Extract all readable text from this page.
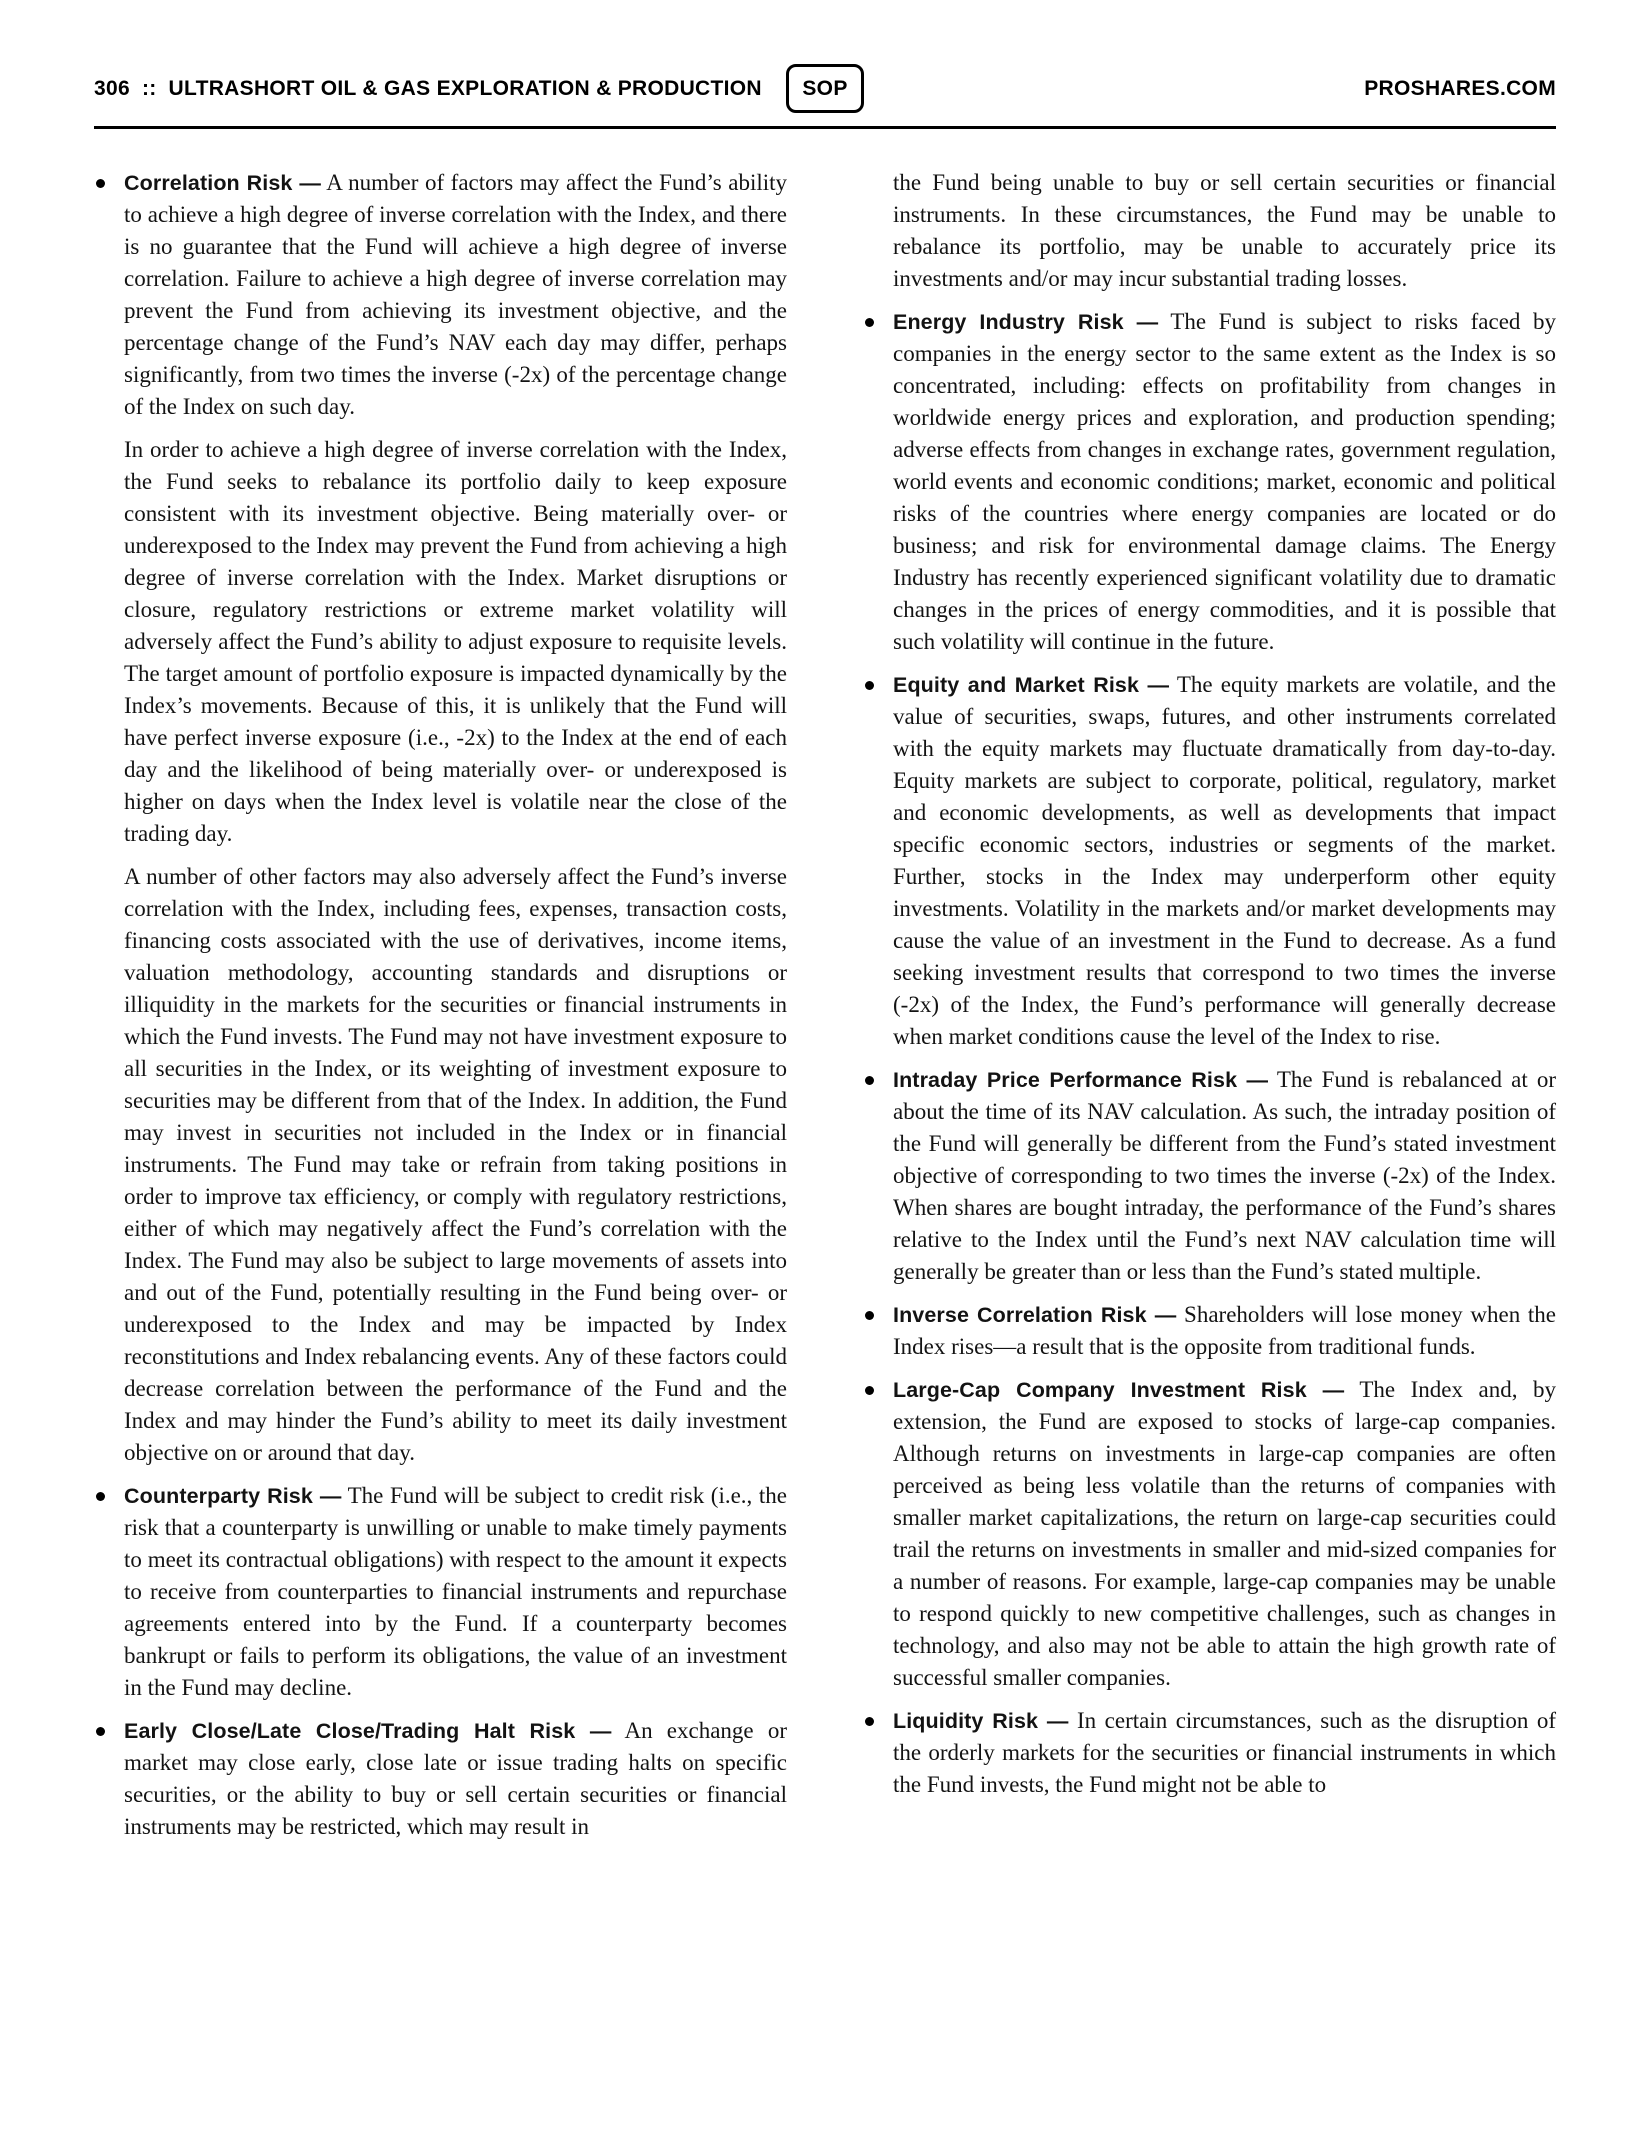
306 :: ULTRASHORT OIL & GAS EXPLORATION & PRODUCTION	SOP	PROSHARES.COM
Correlation Risk — A number of factors may affect the Fund’s ability to achieve a high degree of inverse correlation with the Index, and there is no guarantee that the Fund will achieve a high degree of inverse correlation. Failure to achieve a high degree of inverse correlation may prevent the Fund from achieving its investment objective, and the percentage change of the Fund’s NAV each day may differ, perhaps significantly, from two times the inverse (-2x) of the percentage change of the Index on such day.
In order to achieve a high degree of inverse correlation with the Index, the Fund seeks to rebalance its portfolio daily to keep exposure consistent with its investment objective. Being materially over- or underexposed to the Index may prevent the Fund from achieving a high degree of inverse correlation with the Index. Market disruptions or closure, regulatory restrictions or extreme market volatility will adversely affect the Fund’s ability to adjust exposure to requisite levels. The target amount of portfolio exposure is impacted dynamically by the Index’s movements. Because of this, it is unlikely that the Fund will have perfect inverse exposure (i.e., -2x) to the Index at the end of each day and the likelihood of being materially over- or underexposed is higher on days when the Index level is volatile near the close of the trading day.
A number of other factors may also adversely affect the Fund’s inverse correlation with the Index, including fees, expenses, transaction costs, financing costs associated with the use of derivatives, income items, valuation methodology, accounting standards and disruptions or illiquidity in the markets for the securities or financial instruments in which the Fund invests. The Fund may not have investment exposure to all securities in the Index, or its weighting of investment exposure to securities may be different from that of the Index. In addition, the Fund may invest in securities not included in the Index or in financial instruments. The Fund may take or refrain from taking positions in order to improve tax efficiency, or comply with regulatory restrictions, either of which may negatively affect the Fund’s correlation with the Index. The Fund may also be subject to large movements of assets into and out of the Fund, potentially resulting in the Fund being over- or underexposed to the Index and may be impacted by Index reconstitutions and Index rebalancing events. Any of these factors could decrease correlation between the performance of the Fund and the Index and may hinder the Fund’s ability to meet its daily investment objective on or around that day.
Counterparty Risk — The Fund will be subject to credit risk (i.e., the risk that a counterparty is unwilling or unable to make timely payments to meet its contractual obligations) with respect to the amount it expects to receive from counterparties to financial instruments and repurchase agreements entered into by the Fund. If a counterparty becomes bankrupt or fails to perform its obligations, the value of an investment in the Fund may decline.
Early Close/Late Close/Trading Halt Risk — An exchange or market may close early, close late or issue trading halts on specific securities, or the ability to buy or sell certain securities or financial instruments may be restricted, which may result in
the Fund being unable to buy or sell certain securities or financial instruments. In these circumstances, the Fund may be unable to rebalance its portfolio, may be unable to accurately price its investments and/or may incur substantial trading losses.
Energy Industry Risk — The Fund is subject to risks faced by companies in the energy sector to the same extent as the Index is so concentrated, including: effects on profitability from changes in worldwide energy prices and exploration, and production spending; adverse effects from changes in exchange rates, government regulation, world events and economic conditions; market, economic and political risks of the countries where energy companies are located or do business; and risk for environmental damage claims. The Energy Industry has recently experienced significant volatility due to dramatic changes in the prices of energy commodities, and it is possible that such volatility will continue in the future.
Equity and Market Risk — The equity markets are volatile, and the value of securities, swaps, futures, and other instruments correlated with the equity markets may fluctuate dramatically from day-to-day. Equity markets are subject to corporate, political, regulatory, market and economic developments, as well as developments that impact specific economic sectors, industries or segments of the market. Further, stocks in the Index may underperform other equity investments. Volatility in the markets and/or market developments may cause the value of an investment in the Fund to decrease. As a fund seeking investment results that correspond to two times the inverse (-2x) of the Index, the Fund’s performance will generally decrease when market conditions cause the level of the Index to rise.
Intraday Price Performance Risk — The Fund is rebalanced at or about the time of its NAV calculation. As such, the intraday position of the Fund will generally be different from the Fund’s stated investment objective of corresponding to two times the inverse (-2x) of the Index. When shares are bought intraday, the performance of the Fund’s shares relative to the Index until the Fund’s next NAV calculation time will generally be greater than or less than the Fund’s stated multiple.
Inverse Correlation Risk — Shareholders will lose money when the Index rises—a result that is the opposite from traditional funds.
Large-Cap Company Investment Risk — The Index and, by extension, the Fund are exposed to stocks of large-cap companies. Although returns on investments in large-cap companies are often perceived as being less volatile than the returns of companies with smaller market capitalizations, the return on large-cap securities could trail the returns on investments in smaller and mid-sized companies for a number of reasons. For example, large-cap companies may be unable to respond quickly to new competitive challenges, such as changes in technology, and also may not be able to attain the high growth rate of successful smaller companies.
Liquidity Risk — In certain circumstances, such as the disruption of the orderly markets for the securities or financial instruments in which the Fund invests, the Fund might not be able to
